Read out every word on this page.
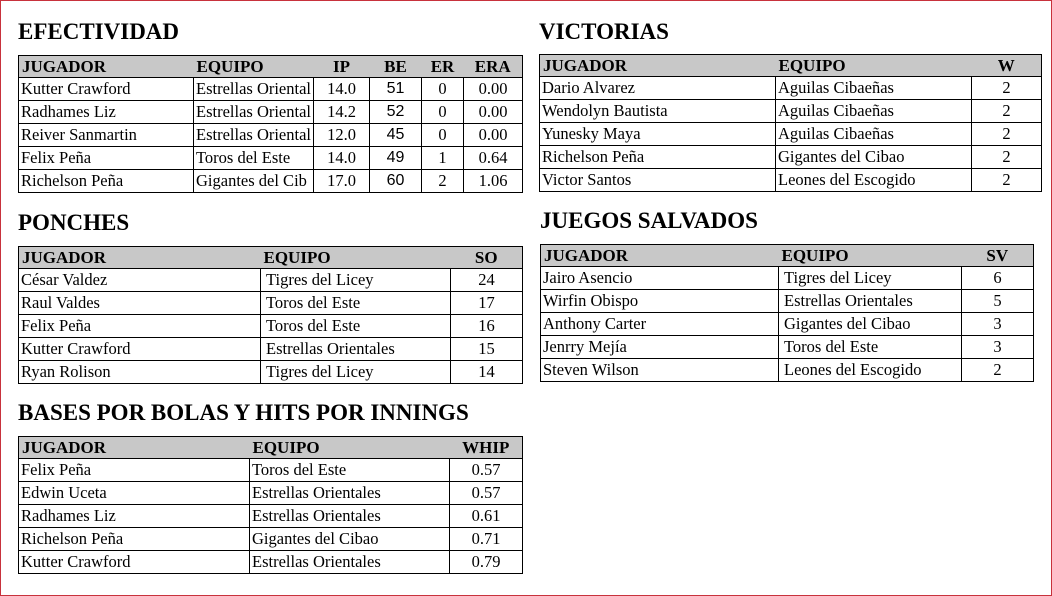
EFECTIVIDAD
JUGADOR	EQUIPO	IP	BE	ER	ERA
Kutter Crawford	Estrellas Oriental	14.0	51	0	0.00
Radhames Liz	Estrellas Oriental	14.2	52	0	0.00
Reiver Sanmartin	Estrellas Oriental	12.0	45	0	0.00
Felix Peña	Toros del Este	14.0	49	1	0.64
Richelson Peña	Gigantes del Cib	17.0	60	2	1.06
PONCHES
JUGADOR	EQUIPO	SO
César Valdez	Tigres del Licey	24
Raul Valdes	Toros del Este	17
Felix Peña	Toros del Este	16
Kutter Crawford	Estrellas Orientales	15
Ryan Rolison	Tigres del Licey	14
BASES POR BOLAS Y HITS POR INNINGS
JUGADOR	EQUIPO	WHIP
Felix Peña	Toros del Este	0.57
Edwin Uceta	Estrellas Orientales	0.57
Radhames Liz	Estrellas Orientales	0.61
Richelson Peña	Gigantes del Cibao	0.71
Kutter Crawford	Estrellas Orientales	0.79
VICTORIAS
JUGADOR	EQUIPO	W
Dario Alvarez	Aguilas Cibaeñas	2
Wendolyn Bautista	Aguilas Cibaeñas	2
Yunesky Maya	Aguilas Cibaeñas	2
Richelson Peña	Gigantes del Cibao	2
Victor Santos	Leones del Escogido	2
JUEGOS SALVADOS
JUGADOR	EQUIPO	SV
Jairo Asencio	Tigres del Licey	6
Wirfin Obispo	Estrellas Orientales	5
Anthony Carter	Gigantes del Cibao	3
Jenrry Mejía	Toros del Este	3
Steven Wilson	Leones del Escogido	2
